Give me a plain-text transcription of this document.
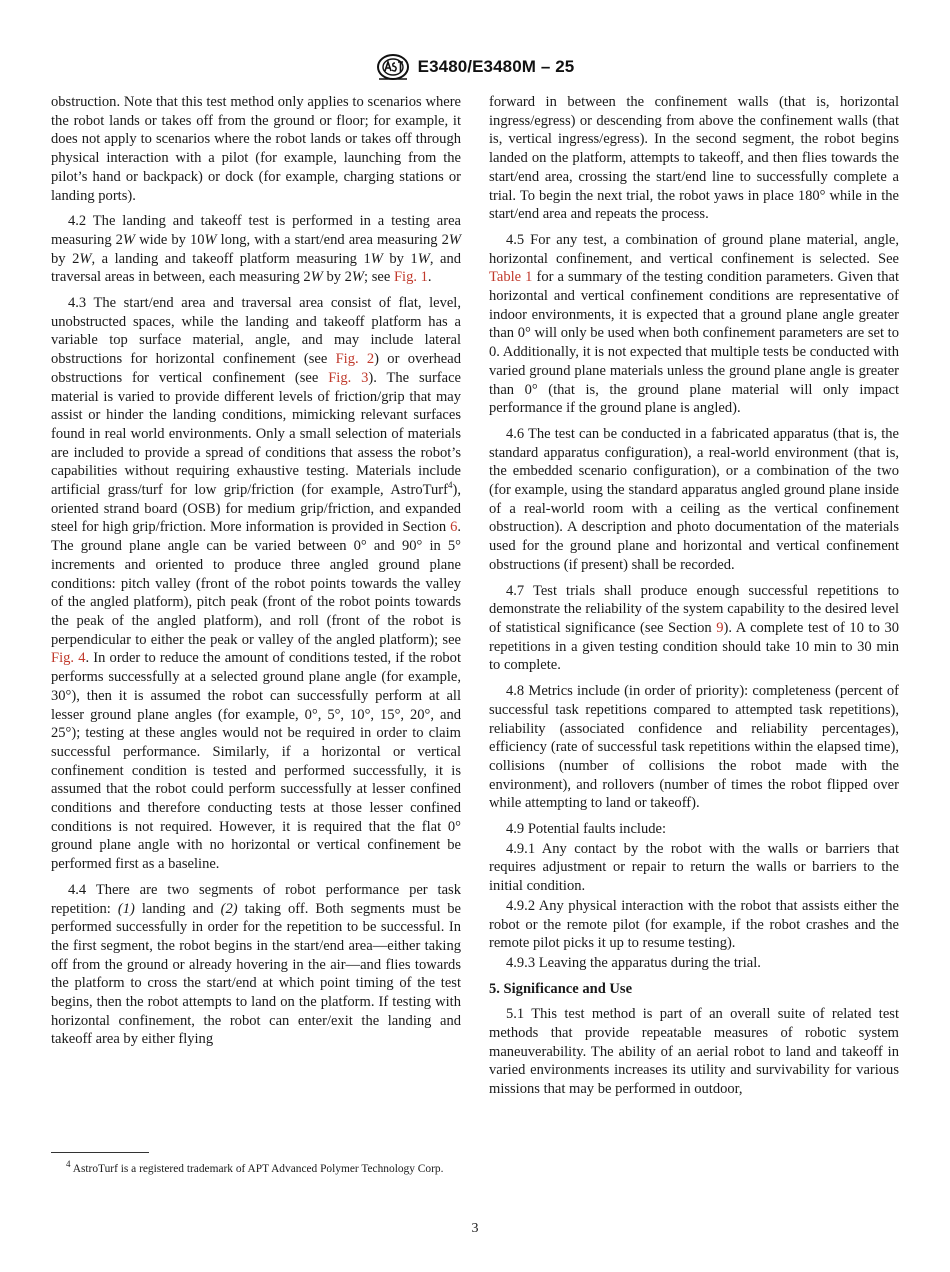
E3480/E3480M – 25

obstruction. Note that this test method only applies to scenarios where the robot lands or takes off from the ground or floor; for example, it does not apply to scenarios where the robot lands or takes off through physical interaction with a pilot (for example, launching from the pilot’s hand or backpack) or dock (for example, charging stations or landing ports).

4.2 The landing and takeoff test is performed in a testing area measuring 2W wide by 10W long, with a start/end area measuring 2W by 2W, a landing and takeoff platform measuring 1W by 1W, and traversal areas in between, each measuring 2W by 2W; see Fig. 1.

4.3 The start/end area and traversal area consist of flat, level, unobstructed spaces, while the landing and takeoff platform has a variable top surface material, angle, and may include lateral obstructions for horizontal confinement (see Fig. 2) or overhead obstructions for vertical confinement (see Fig. 3). The surface material is varied to provide different levels of friction/grip that may assist or hinder the landing conditions, mimicking relevant surfaces found in real world environments. Only a small selection of materials are included to provide a spread of conditions that assess the robot’s capabilities without requiring exhaustive testing. Materials include artificial grass/turf for low grip/friction (for example, AstroTurf$^4$), oriented strand board (OSB) for medium grip/friction, and expanded steel for high grip/friction. More information is provided in Section 6. The ground plane angle can be varied between 0° and 90° in 5° increments and oriented to produce three angled ground plane conditions: pitch valley (front of the robot points towards the valley of the angled platform), pitch peak (front of the robot points towards the peak of the angled platform), and roll (front of the robot is perpendicular to either the peak or valley of the angled platform); see Fig. 4. In order to reduce the amount of conditions tested, if the robot performs successfully at a selected ground plane angle (for example, 30°), then it is assumed the robot can successfully perform at all lesser ground plane angles (for example, 0°, 5°, 10°, 15°, 20°, and 25°); testing at these angles would not be required in order to claim successful performance. Similarly, if a horizontal or vertical confinement condition is tested and performed successfully, it is assumed that the robot could perform successfully at lesser confined conditions and therefore conducting tests at those lesser confined conditions is not required. However, it is required that the flat 0° ground plane angle with no horizontal or vertical confinement be performed first as a baseline.

4.4 There are two segments of robot performance per task repetition: (1) landing and (2) taking off. Both segments must be performed successfully in order for the repetition to be successful. In the first segment, the robot begins in the start/end area—either taking off from the ground or already hovering in the air—and flies towards the platform to cross the start/end at which point timing of the test begins, then the robot attempts to land on the platform. If testing with horizontal confinement, the robot can enter/exit the landing and takeoff area by either flying

forward in between the confinement walls (that is, horizontal ingress/egress) or descending from above the confinement walls (that is, vertical ingress/egress). In the second segment, the robot begins landed on the platform, attempts to takeoff, and then flies towards the start/end area, crossing the start/end line to successfully complete a trial. To begin the next trial, the robot yaws in place 180° while in the start/end area and repeats the process.

4.5 For any test, a combination of ground plane material, angle, horizontal confinement, and vertical confinement is selected. See Table 1 for a summary of the testing condition parameters. Given that horizontal and vertical confinement conditions are representative of indoor environments, it is expected that a ground plane angle greater than 0° will only be used when both confinement parameters are set to 0. Additionally, it is not expected that multiple tests be conducted with varied ground plane materials unless the ground plane angle is greater than 0° (that is, the ground plane material will only impact performance if the ground plane is angled).

4.6 The test can be conducted in a fabricated apparatus (that is, the standard apparatus configuration), a real-world environment (that is, the embedded scenario configuration), or a combination of the two (for example, using the standard apparatus angled ground plane inside of a real-world room with a ceiling as the vertical confinement obstruction). A description and photo documentation of the materials used for the ground plane and horizontal and vertical confinement obstructions (if present) shall be recorded.

4.7 Test trials shall produce enough successful repetitions to demonstrate the reliability of the system capability to the desired level of statistical significance (see Section 9). A complete test of 10 to 30 repetitions in a given testing condition should take 10 min to 30 min to complete.

4.8 Metrics include (in order of priority): completeness (percent of successful task repetitions compared to attempted task repetitions), reliability (associated confidence and reliability percentages), efficiency (rate of successful task repetitions within the elapsed time), collisions (number of collisions the robot made with the environment), and rollovers (number of times the robot flipped over while attempting to land or takeoff).

4.9 Potential faults include:

4.9.1 Any contact by the robot with the walls or barriers that requires adjustment or repair to return the walls or barriers to the initial condition.

4.9.2 Any physical interaction with the robot that assists either the robot or the remote pilot (for example, if the robot crashes and the remote pilot picks it up to resume testing).

4.9.3 Leaving the apparatus during the trial.

5. Significance and Use

5.1 This test method is part of an overall suite of related test methods that provide repeatable measures of robotic system maneuverability. The ability of an aerial robot to land and takeoff in varied environments increases its utility and survivability for various missions that may be performed in outdoor,

$^4$ AstroTurf is a registered trademark of APT Advanced Polymer Technology Corp.
3
